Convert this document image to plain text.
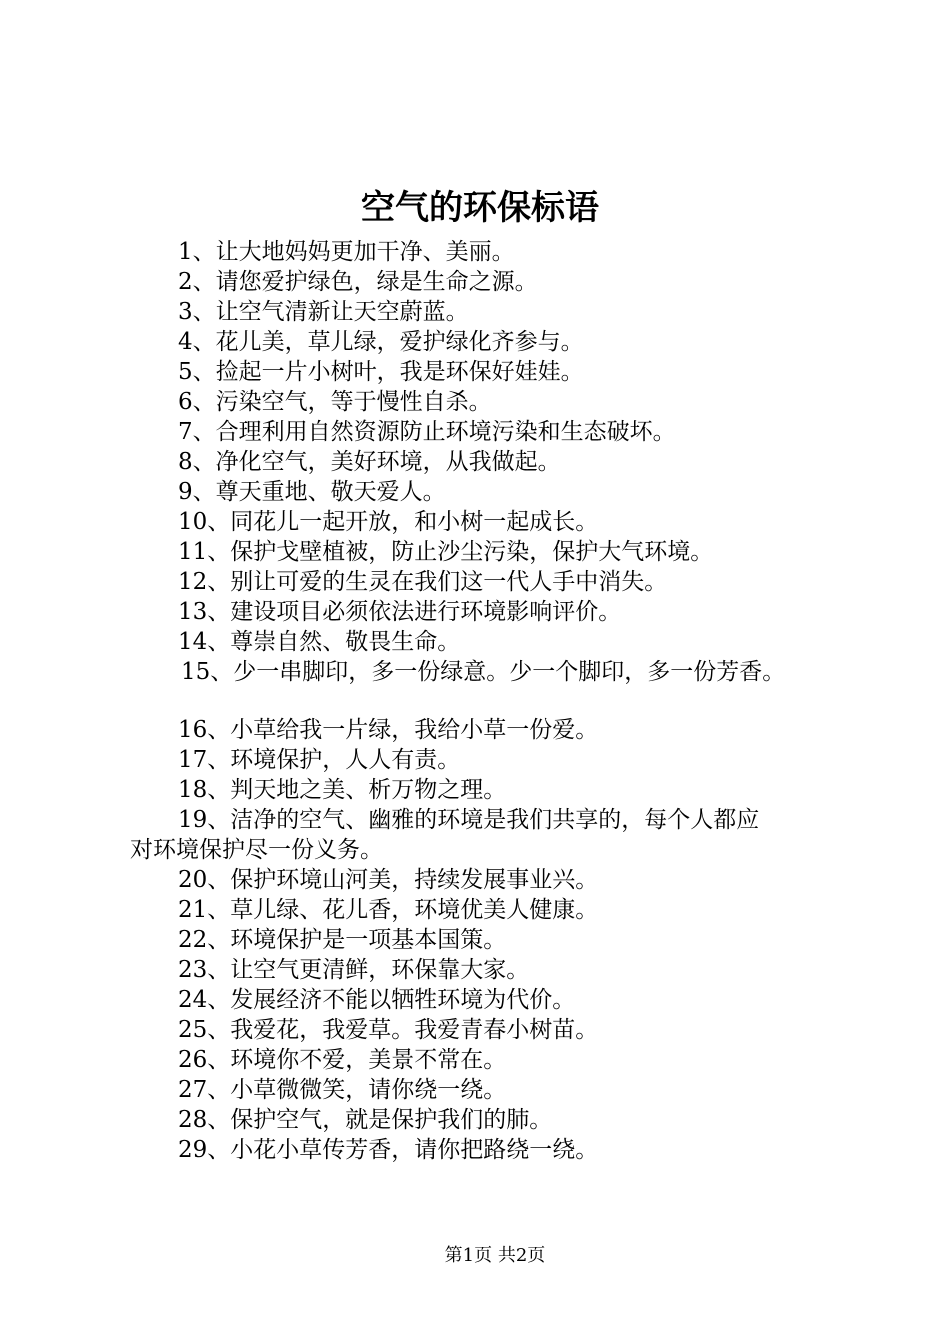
空气的环保标语
1、让大地妈妈更加干净、美丽。
2、请您爱护绿色，绿是生命之源。
3、让空气清新让天空蔚蓝。
4、花儿美，草儿绿，爱护绿化齐参与。
5、捡起一片小树叶，我是环保好娃娃。
6、污染空气，等于慢性自杀。
7、合理利用自然资源防止环境污染和生态破坏。
8、净化空气，美好环境，从我做起。
9、尊天重地、敬天爱人。
10、同花儿一起开放，和小树一起成长。
11、保护戈壁植被，防止沙尘污染，保护大气环境。
12、别让可爱的生灵在我们这一代人手中消失。
13、建设项目必须依法进行环境影响评价。
14、尊崇自然、敬畏生命。
15、少一串脚印，多一份绿意。少一个脚印，多一份芳香。
16、小草给我一片绿，我给小草一份爱。
17、环境保护，人人有责。
18、判天地之美、析万物之理。
19、洁净的空气、幽雅的环境是我们共享的，每个人都应
对环境保护尽一份义务。
20、保护环境山河美，持续发展事业兴。
21、草儿绿、花儿香，环境优美人健康。
22、环境保护是一项基本国策。
23、让空气更清鲜，环保靠大家。
24、发展经济不能以牺牲环境为代价。
25、我爱花，我爱草。我爱青春小树苗。
26、环境你不爱，美景不常在。
27、小草微微笑，请你绕一绕。
28、保护空气，就是保护我们的肺。
29、小花小草传芳香，请你把路绕一绕。
第1页 共2页
